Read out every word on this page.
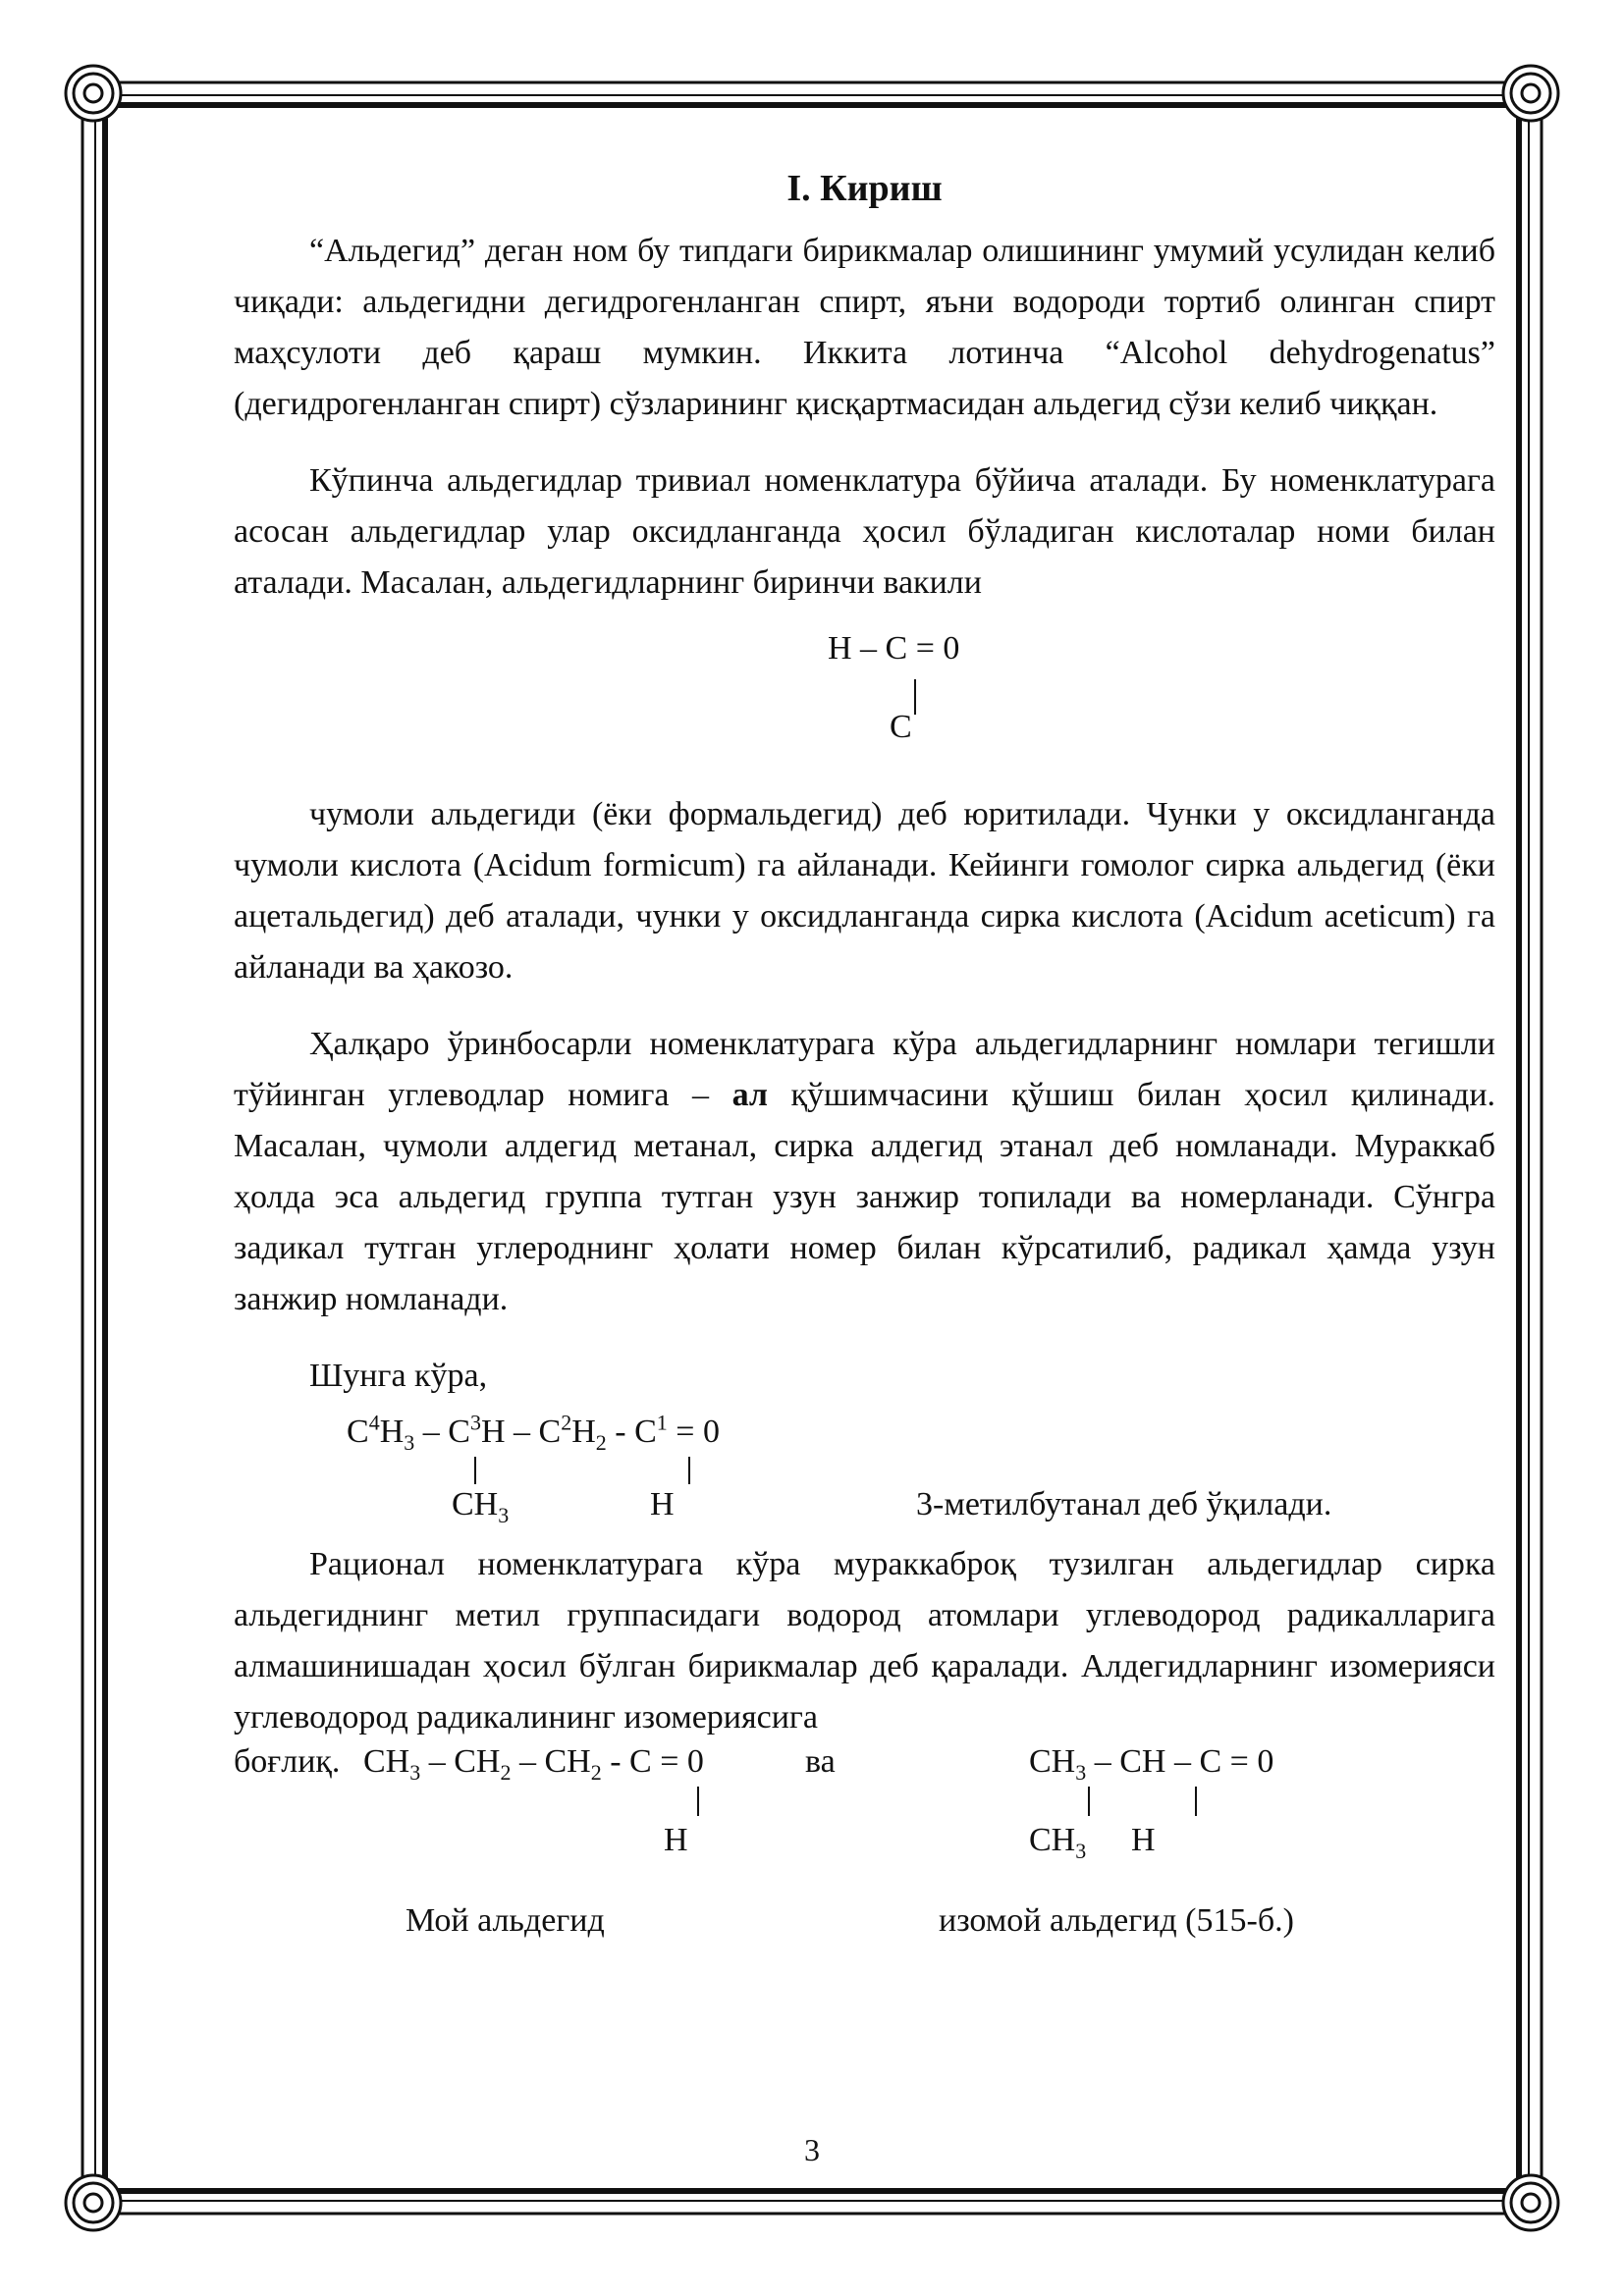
I. Кириш

“Альдегид” деган ном бу типдаги бирикмалар олишининг умумий усулидан келиб чиқади: альдегидни дегидрогенланган спирт, яъни водороди тортиб олинган спирт маҳсулоти деб қараш мумкин. Иккита лотинча “Alcohol dehydrogenatus” (дегидрогенланган спирт) сўзларининг қисқартмасидан альдегид сўзи келиб чиққан.

Кўпинча альдегидлар тривиал номенклатура бўйича аталади. Бу номенклатурага асосан альдегидлар улар оксидланганда ҳосил бўладиган кислоталар номи билан аталади. Масалан, альдегидларнинг биринчи вакили

H – C = 0
C

чумоли альдегиди (ёки формальдегид) деб юритилади. Чунки у оксидланганда чумоли кислота (Acidum formicum) га айланади. Кейинги гомолог сирка альдегид (ёки ацетальдегид) деб аталади, чунки у оксидланганда сирка кислота (Acidum aceticum) га айланади ва ҳакозо.

Ҳалқаро ўринбосарли номенклатурага кўра альдегидларнинг номлари тегишли тўйинган углеводлар номига – ал қўшимчасини қўшиш билан ҳосил қилинади. Масалан, чумоли алдегид метанал, сирка алдегид этанал деб номланади. Мураккаб ҳолда эса альдегид группа тутган узун занжир топилади ва номерланади. Сўнгра задикал тутган углероднинг ҳолати номер билан кўрсатилиб, радикал ҳамда узун занжир номланади.

Шунга кўра,

$C^4H_3 - C^3H - C^2H_2 - C^1 = 0$
$CH_3$	H	3-метилбутанал деб ўқилади.

Рационал номенклатурага кўра мураккаброқ тузилган альдегидлар сирка альдегиднинг метил группасидаги водород атомлари углеводород радикалларига алмашинишадан ҳосил бўлган бирикмалар деб қаралади. Алдегидларнинг изомерияси углеводород радикалининг изомериясига

боғлиқ. $CH_3 - CH_2 - CH_2 - C = 0$	ва	$CH_3$ – CH – C = 0
H	$CH_3$ H
Мой альдегид	изомой альдегид (515-б.)
3
